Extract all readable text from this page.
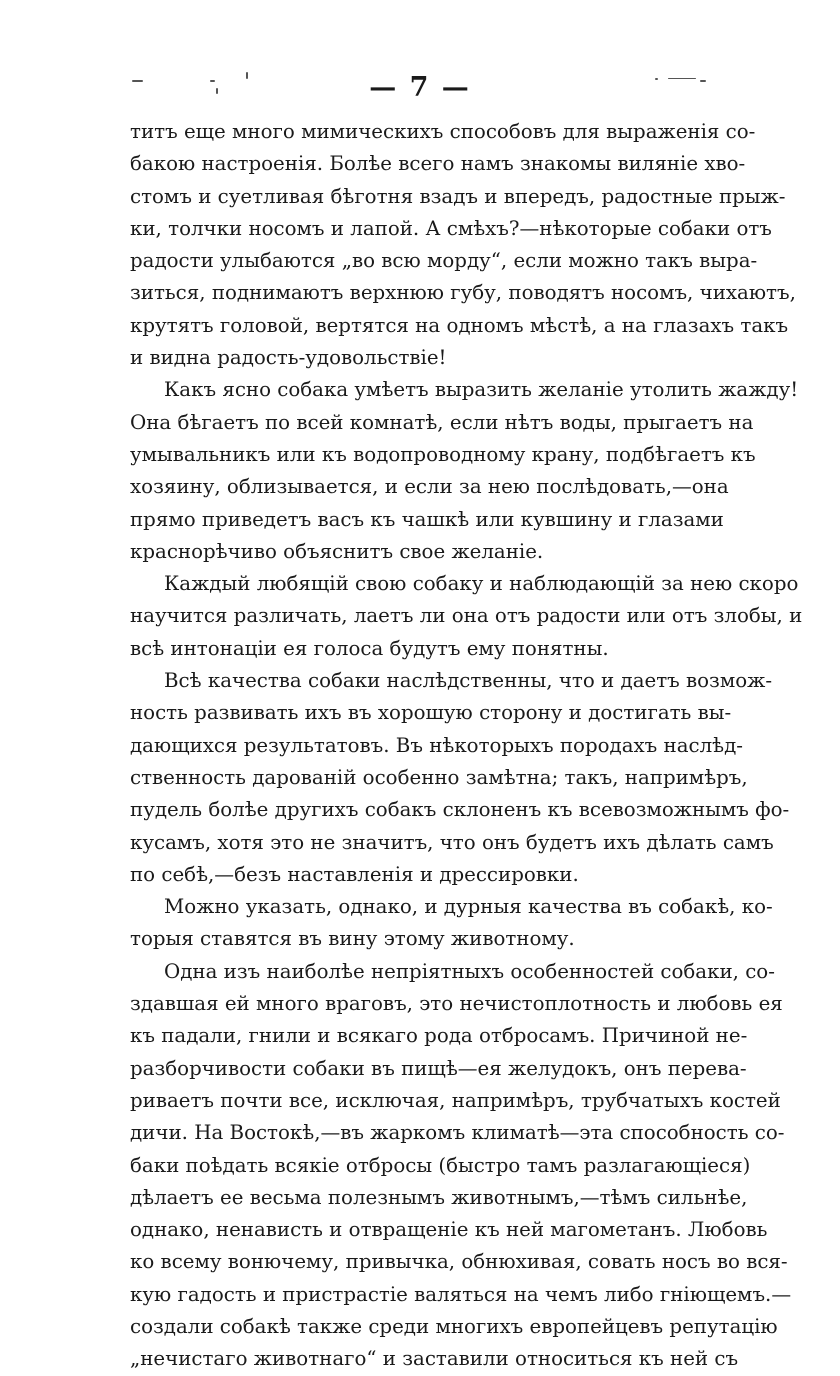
— 7 —
титъ еще много мимическихъ способовъ для выраженія со-
бакою настроенія. Болѣе всего намъ знакомы виляніе хво-
стомъ и суетливая бѣготня взадъ и впередъ, радостные прыж-
ки, толчки носомъ и лапой. А смѣхъ?—нѣкоторые собаки отъ
радости улыбаются „во всю морду“, если можно такъ выра-
зиться, поднимаютъ верхнюю губу, поводятъ носомъ, чихаютъ,
крутятъ головой, вертятся на одномъ мѣстѣ, а на глазахъ такъ
и видна радость-удовольствіе!
Какъ ясно собака умѣетъ выразить желаніе утолить жажду!
Она бѣгаетъ по всей комнатѣ, если нѣтъ воды, прыгаетъ на
умывальникъ или къ водопроводному крану, подбѣгаетъ къ
хозяину, облизывается, и если за нею послѣдовать,—она
прямо приведетъ васъ къ чашкѣ или кувшину и глазами
краснорѣчиво объяснитъ свое желаніе.
Каждый любящій свою собаку и наблюдающій за нею скоро
научится различать, лаетъ ли она отъ радости или отъ злобы, и
всѣ интонаціи ея голоса будутъ ему понятны.
Всѣ качества собаки наслѣдственны, что и даетъ возмож-
ность развивать ихъ въ хорошую сторону и достигать вы-
дающихся результатовъ. Въ нѣкоторыхъ породахъ наслѣд-
ственность дарованій особенно замѣтна; такъ, напримѣръ,
пудель болѣе другихъ собакъ склоненъ къ всевозможнымъ фо-
кусамъ, хотя это не значитъ, что онъ будетъ ихъ дѣлать самъ
по себѣ,—безъ наставленія и дрессировки.
Можно указать, однако, и дурныя качества въ собакѣ, ко-
торыя ставятся въ вину этому животному.
Одна изъ наиболѣе непріятныхъ особенностей собаки, со-
здавшая ей много враговъ, это нечистоплотность и любовь ея
къ падали, гнили и всякаго рода отбросамъ. Причиной не-
разборчивости собаки въ пищѣ—ея желудокъ, онъ перева-
риваетъ почти все, исключая, напримѣръ, трубчатыхъ костей
дичи. На Востокѣ,—въ жаркомъ климатѣ—эта способность со-
баки поѣдать всякіе отбросы (быстро тамъ разлагающіеся)
дѣлаетъ ее весьма полезнымъ животнымъ,—тѣмъ сильнѣе,
однако, ненависть и отвращеніе къ ней магометанъ. Любовь
ко всему вонючему, привычка, обнюхивая, совать носъ во вся-
кую гадость и пристрастіе валяться на чемъ либо гніющемъ.—
создали собакѣ также среди многихъ европейцевъ репутацію
„нечистаго животнаго“ и заставили относиться къ ней съ
